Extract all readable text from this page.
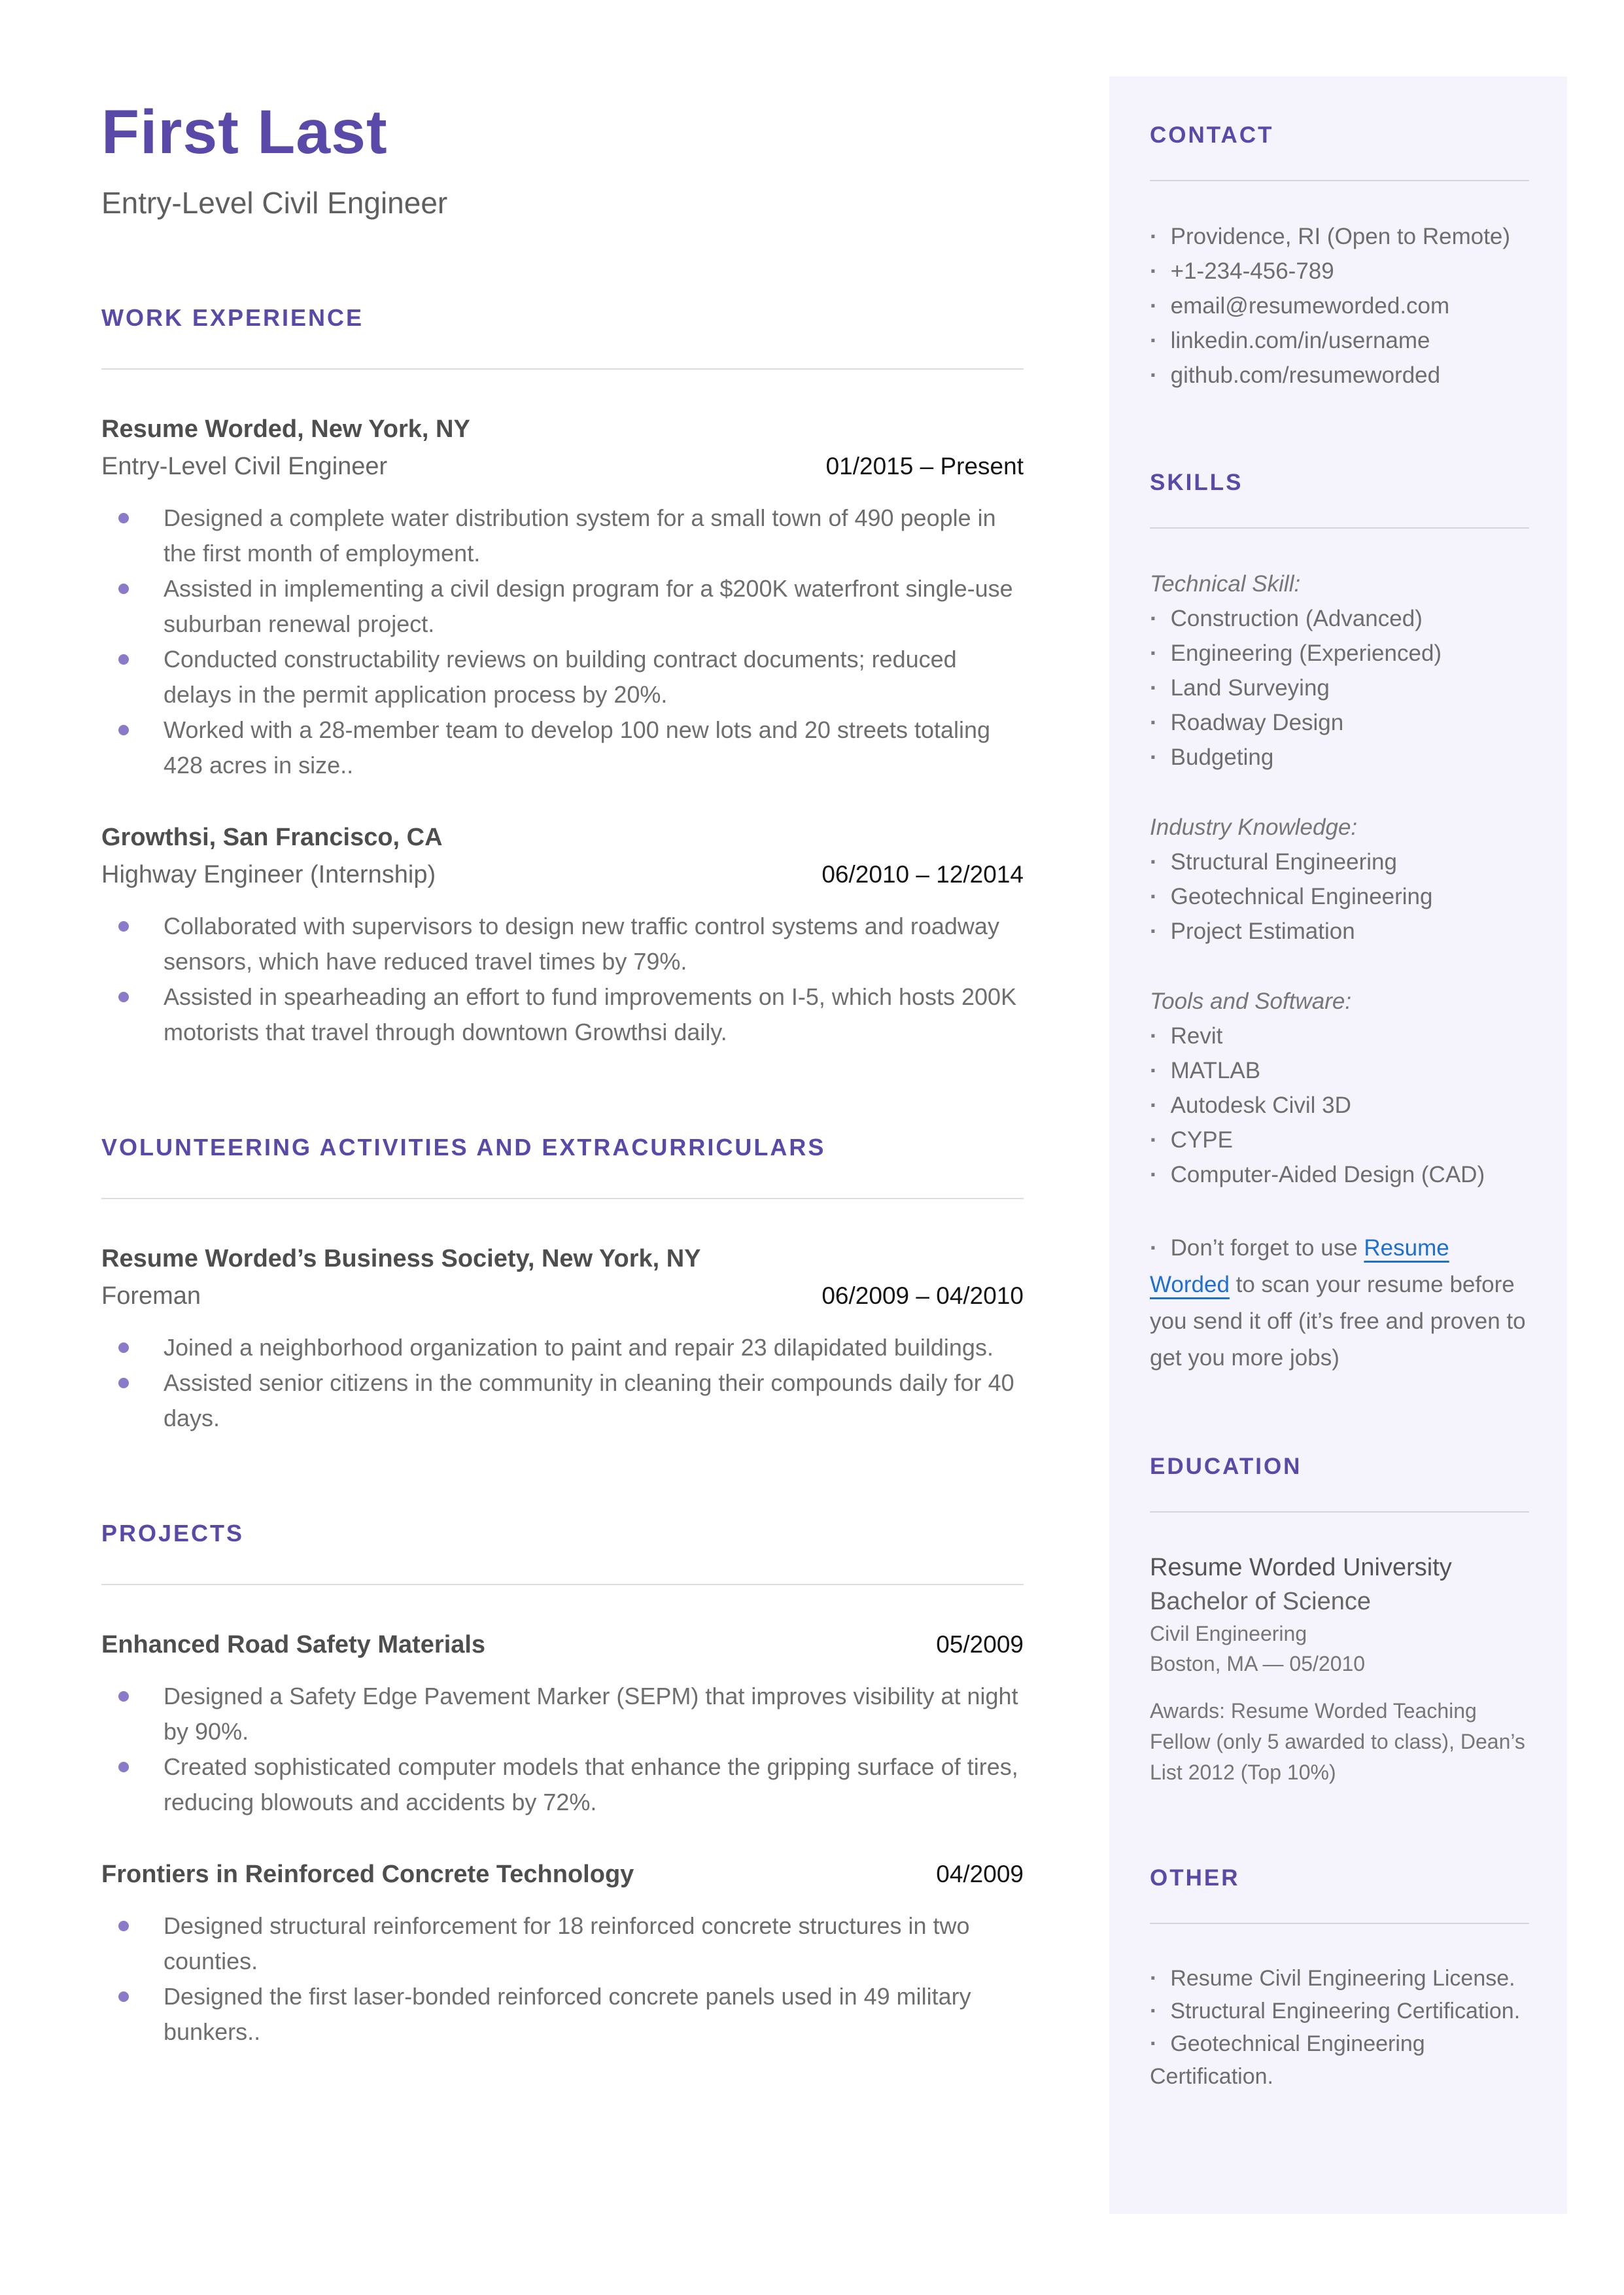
First Last
Entry-Level Civil Engineer
WORK EXPERIENCE
Resume Worded, New York, NY
Entry-Level Civil Engineer	01/2015 – Present
Designed a complete water distribution system for a small town of 490 people in the first month of employment.
Assisted in implementing a civil design program for a $200K waterfront single-use suburban renewal project.
Conducted constructability reviews on building contract documents; reduced delays in the permit application process by 20%.
Worked with a 28-member team to develop 100 new lots and 20 streets totaling 428 acres in size..
Growthsi, San Francisco, CA
Highway Engineer (Internship)	06/2010 – 12/2014
Collaborated with supervisors to design new traffic control systems and roadway sensors, which have reduced travel times by 79%.
Assisted in spearheading an effort to fund improvements on I-5, which hosts 200K motorists that travel through downtown Growthsi daily.
VOLUNTEERING ACTIVITIES AND EXTRACURRICULARS
Resume Worded’s Business Society, New York, NY
Foreman	06/2009 – 04/2010
Joined a neighborhood organization to paint and repair 23 dilapidated buildings.
Assisted senior citizens in the community in cleaning their compounds daily for 40 days.
PROJECTS
Enhanced Road Safety Materials	05/2009
Designed a Safety Edge Pavement Marker (SEPM) that improves visibility at night by 90%.
Created sophisticated computer models that enhance the gripping surface of tires, reducing blowouts and accidents by 72%.
Frontiers in Reinforced Concrete Technology	04/2009
Designed structural reinforcement for 18 reinforced concrete structures in two counties.
Designed the first laser-bonded reinforced concrete panels used in 49 military bunkers..
CONTACT
· Providence, RI (Open to Remote)
· +1-234-456-789
· email@resumeworded.com
· linkedin.com/in/username
· github.com/resumeworded
SKILLS
Technical Skill:
· Construction (Advanced)
· Engineering (Experienced)
· Land Surveying
· Roadway Design
· Budgeting
Industry Knowledge:
· Structural Engineering
· Geotechnical Engineering
· Project Estimation
Tools and Software:
· Revit
· MATLAB
· Autodesk Civil 3D
· CYPE
· Computer-Aided Design (CAD)
· Don’t forget to use Resume Worded to scan your resume before you send it off (it’s free and proven to get you more jobs)
EDUCATION

Resume Worded University

Bachelor of Science

Civil Engineering

Boston, MA — 05/2010

Awards: Resume Worded Teaching Fellow (only 5 awarded to class), Dean’s List 2012 (Top 10%)

OTHER
· Resume Civil Engineering License.
· Structural Engineering Certification.
· Geotechnical Engineering Certification.
